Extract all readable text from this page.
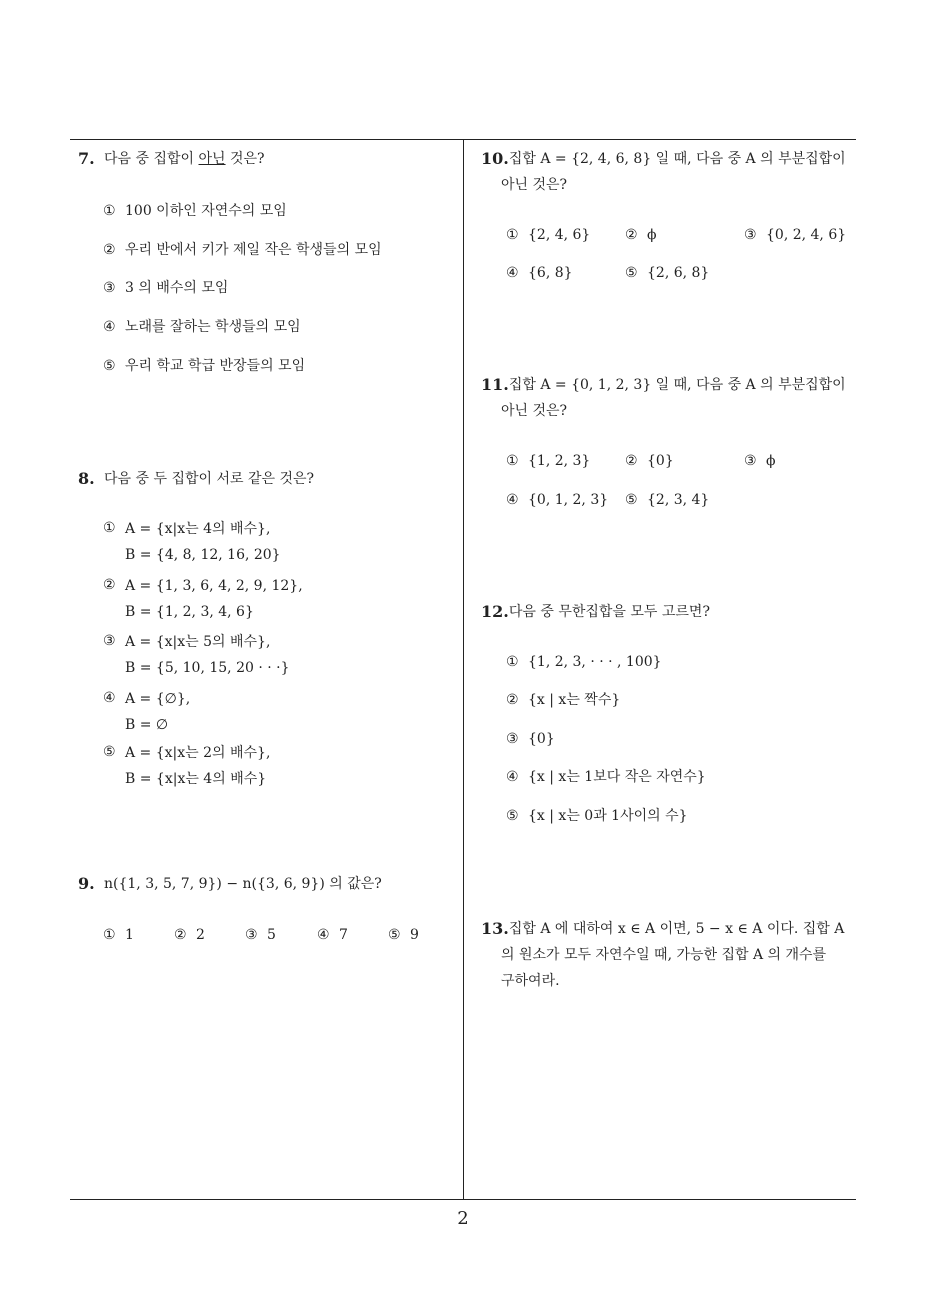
7. 다음 중 집합이 아닌 것은?
① 100 이하인 자연수의 모임
② 우리 반에서 키가 제일 작은 학생들의 모임
③ 3 의 배수의 모임
④ 노래를 잘하는 학생들의 모임
⑤ 우리 학교 학급 반장들의 모임
8. 다음 중 두 집합이 서로 같은 것은?
① A = {x|x는 4의 배수},
B = {4, 8, 12, 16, 20}
② A = {1, 3, 6, 4, 2, 9, 12},
B = {1, 2, 3, 4, 6}
③ A = {x|x는 5의 배수},
B = {5, 10, 15, 20 · · ·}
④ A = {∅},
B = ∅
⑤ A = {x|x는 2의 배수},
B = {x|x는 4의 배수}
9. n({1, 3, 5, 7, 9}) − n({3, 6, 9}) 의 값은?
① 1	② 2	③ 5	④ 7	⑤ 9
10. 집합 A = {2, 4, 6, 8} 일 때, 다음 중 A 의 부분집합이
아닌 것은?
① {2, 4, 6} ② ϕ	③ {0, 2, 4, 6}
④ {6, 8}	⑤ {2, 6, 8}
11. 집합 A = {0, 1, 2, 3} 일 때, 다음 중 A 의 부분집합이
아닌 것은?
① {1, 2, 3} ② {0}	③ ϕ
④ {0, 1, 2, 3} ⑤ {2, 3, 4}
12. 다음 중 무한집합을 모두 고르면?
① {1, 2, 3, · · · , 100}
② {x | x는 짝수}
③ {0}
④ {x | x는 1보다 작은 자연수}
⑤ {x | x는 0과 1사이의 수}
13. 집합 A 에 대하여 x ∈ A 이면, 5 − x ∈ A 이다. 집합 A
의 원소가 모두 자연수일 때, 가능한 집합 A 의 개수를
구하여라.
2
